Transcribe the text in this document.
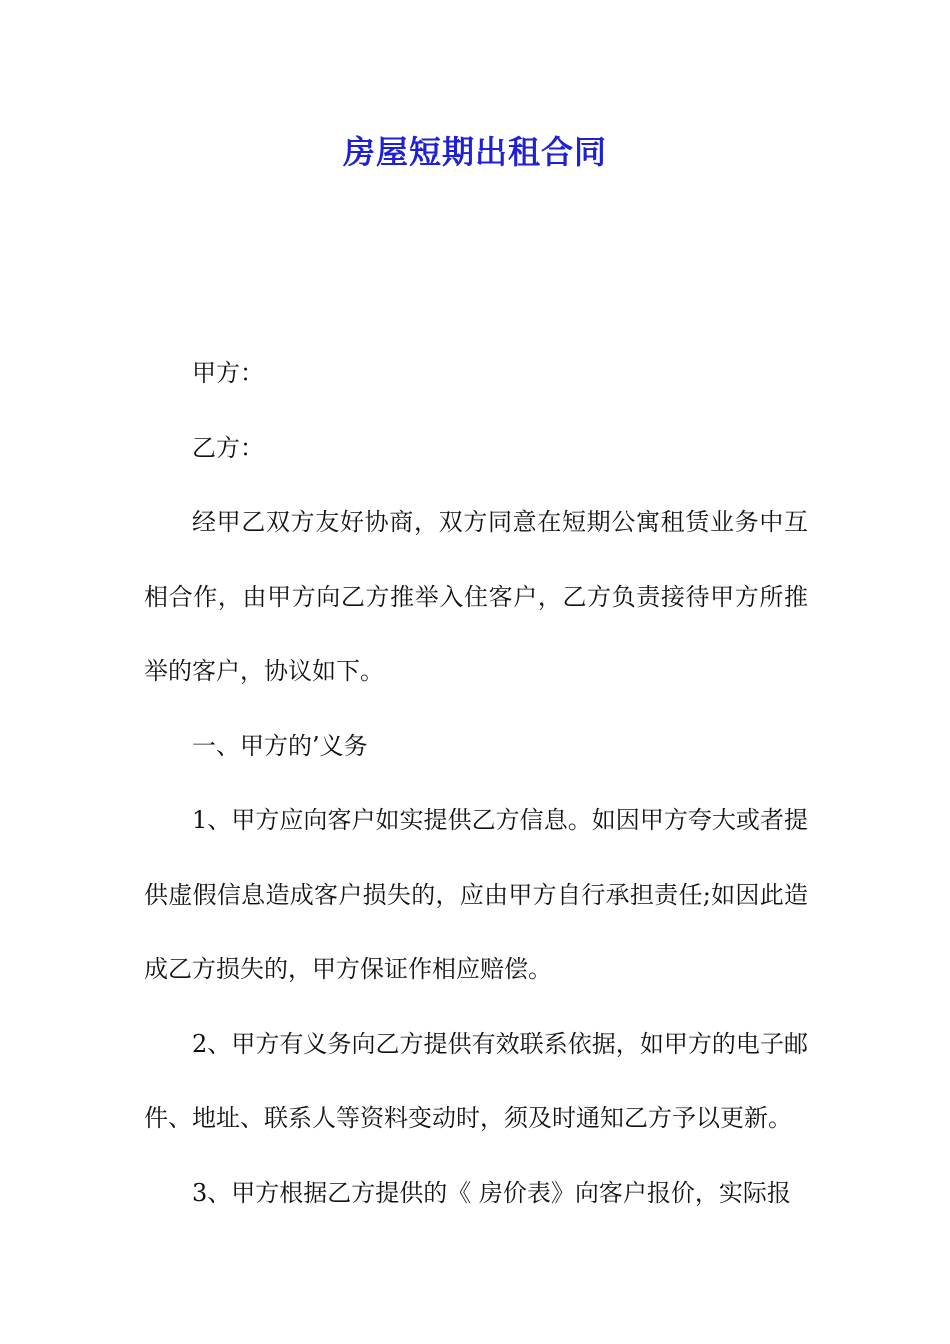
房屋短期出租合同

甲方：

乙方：

经甲乙双方友好协商，双方同意在短期公寓租赁业务中互相合作，由甲方向乙方推举入住客户，乙方负责接待甲方所推举的客户，协议如下。

一、甲方的’义务

1、甲方应向客户如实提供乙方信息。如因甲方夸大或者提供虚假信息造成客户损失的，应由甲方自行承担责任;如因此造成乙方损失的，甲方保证作相应赔偿。

2、甲方有义务向乙方提供有效联系依据，如甲方的电子邮件、地址、联系人等资料变动时，须及时通知乙方予以更新。

3、甲方根据乙方提供的《 房价表》向客户报价，实际报
